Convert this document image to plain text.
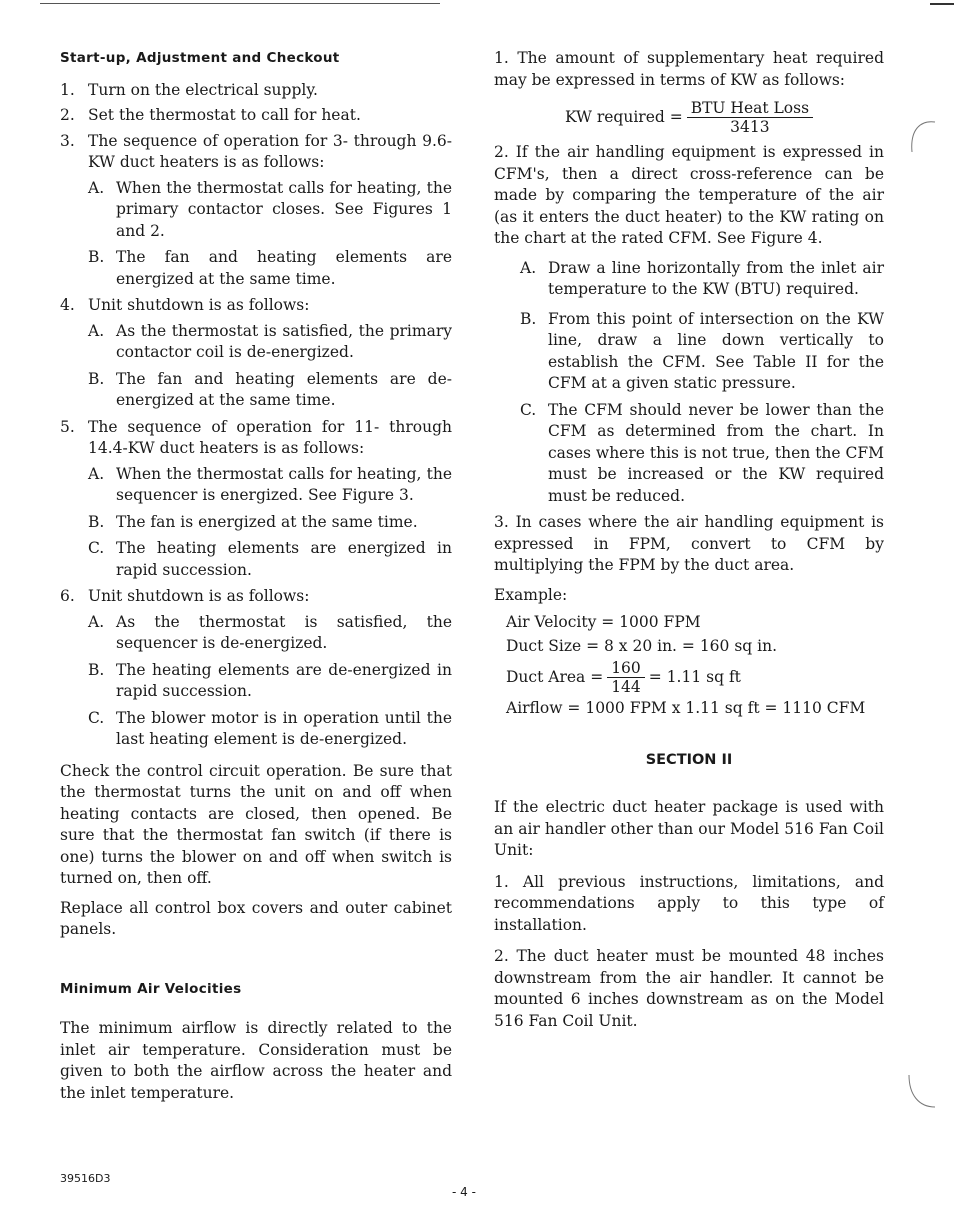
Start-up, Adjustment and Checkout
1. Turn on the electrical supply.
2. Set the thermostat to call for heat.
3. The sequence of operation for 3- through 9.6-KW duct heaters is as follows:
A. When the thermostat calls for heating, the primary contactor closes. See Figures 1 and 2.
B. The fan and heating elements are energized at the same time.
4. Unit shutdown is as follows:
A. As the thermostat is satisfied, the primary contactor coil is de-energized.
B. The fan and heating elements are de-energized at the same time.
5. The sequence of operation for 11- through 14.4-KW duct heaters is as follows:
A. When the thermostat calls for heating, the sequencer is energized. See Figure 3.
B. The fan is energized at the same time.
C. The heating elements are energized in rapid succession.
6. Unit shutdown is as follows:
A. As the thermostat is satisfied, the sequencer is de-energized.
B. The heating elements are de-energized in rapid succession.
C. The blower motor is in operation until the last heating element is de-energized.

Check the control circuit operation. Be sure that the thermostat turns the unit on and off when heating contacts are closed, then opened. Be sure that the thermostat fan switch (if there is one) turns the blower on and off when switch is turned on, then off.

Replace all control box covers and outer cabinet panels.

Minimum Air Velocities

The minimum airflow is directly related to the inlet air temperature. Consideration must be given to both the airflow across the heater and the inlet temperature.

1. The amount of supplementary heat required may be expressed in terms of KW as follows:

KW required = $\frac{\text{BTU Heat Loss}}{3413}$

2. If the air handling equipment is expressed in CFM's, then a direct cross-reference can be made by comparing the temperature of the air (as it enters the duct heater) to the KW rating on the chart at the rated CFM. See Figure 4.

A. Draw a line horizontally from the inlet air temperature to the KW (BTU) required.
B. From this point of intersection on the KW line, draw a line down vertically to establish the CFM. See Table II for the CFM at a given static pressure.
C. The CFM should never be lower than the CFM as determined from the chart. In cases where this is not true, then the CFM must be increased or the KW required must be reduced.

3. In cases where the air handling equipment is expressed in FPM, convert to CFM by multiplying the FPM by the duct area.

Example:

Air Velocity = 1000 FPM
Duct Size = 8 x 20 in. = 160 sq in.
Duct Area = $\frac{160}{144} = 1.11$ sq ft
Airflow = 1000 FPM x 1.11 sq ft = 1110 CFM
SECTION II

If the electric duct heater package is used with an air handler other than our Model 516 Fan Coil Unit:

1. All previous instructions, limitations, and recommendations apply to this type of installation.

2. The duct heater must be mounted 48 inches downstream from the air handler. It cannot be mounted 6 inches downstream as on the Model 516 Fan Coil Unit.

39516D3
- 4 -
